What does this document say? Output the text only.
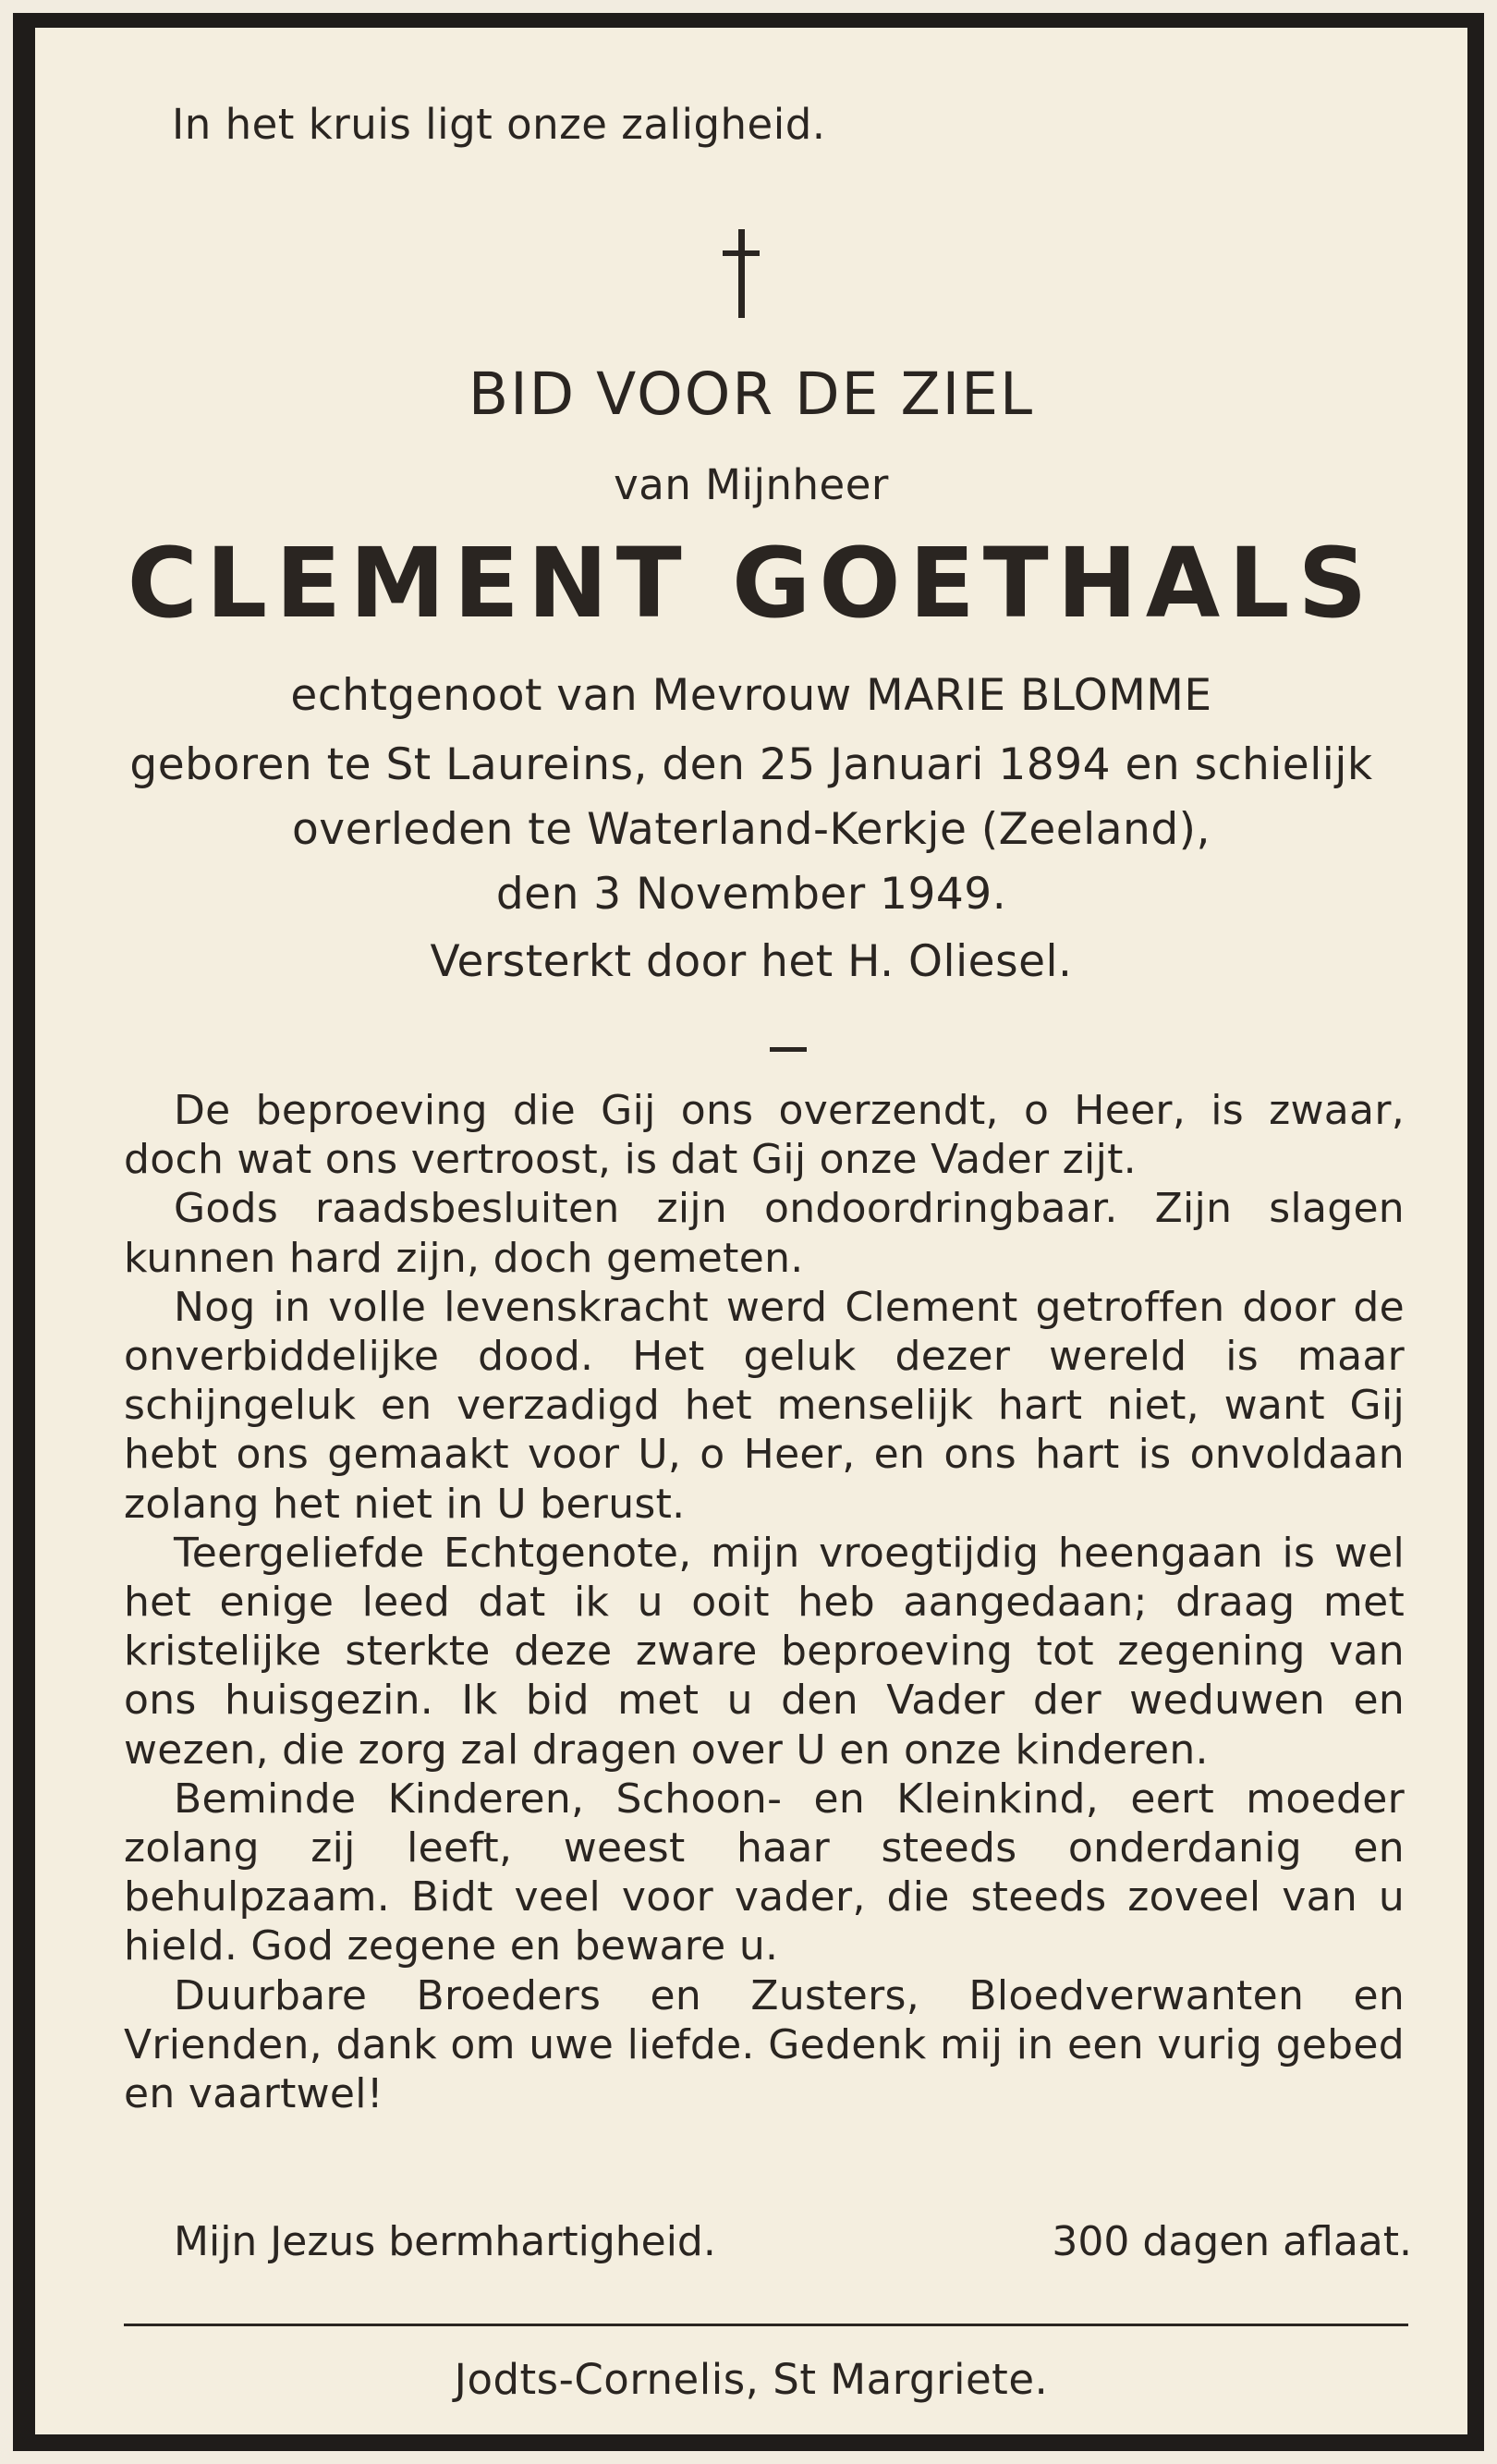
In het kruis ligt onze zaligheid.
BID VOOR DE ZIEL
van Mijnheer
CLEMENT GOETHALS
echtgenoot van Mevrouw MARIE BLOMME
geboren te St Laureins, den 25 Januari 1894 en schielijk
overleden te Waterland-Kerkje (Zeeland),
den 3 November 1949.
Versterkt door het H. Oliesel.

De beproeving die Gij ons overzendt, o Heer, is zwaar, doch wat ons vertroost, is dat Gij onze Vader zijt.

Gods raadsbesluiten zijn ondoordringbaar. Zijn slagen kunnen hard zijn, doch gemeten.

Nog in volle levenskracht werd Clement getroffen door de onverbiddelijke dood. Het geluk dezer wereld is maar schijngeluk en verzadigd het menselijk hart niet, want Gij hebt ons gemaakt voor U, o Heer, en ons hart is onvoldaan zolang het niet in U berust.

Teergeliefde Echtgenote, mijn vroegtijdig heengaan is wel het enige leed dat ik u ooit heb aangedaan; draag met kristelijke sterkte deze zware beproeving tot zegening van ons huisgezin. Ik bid met u den Vader der weduwen en wezen, die zorg zal dragen over U en onze kinderen.

Beminde Kinderen, Schoon- en Kleinkind, eert moeder zolang zij leeft, weest haar steeds onderdanig en behulpzaam. Bidt veel voor vader, die steeds zoveel van u hield. God zegene en beware u.

Duurbare Broeders en Zusters, Bloedverwanten en Vrienden, dank om uwe liefde. Gedenk mij in een vurig gebed en vaartwel!

Mijn Jezus bermhartigheid.	300 dagen aflaat.
Jodts-Cornelis, St Margriete.
